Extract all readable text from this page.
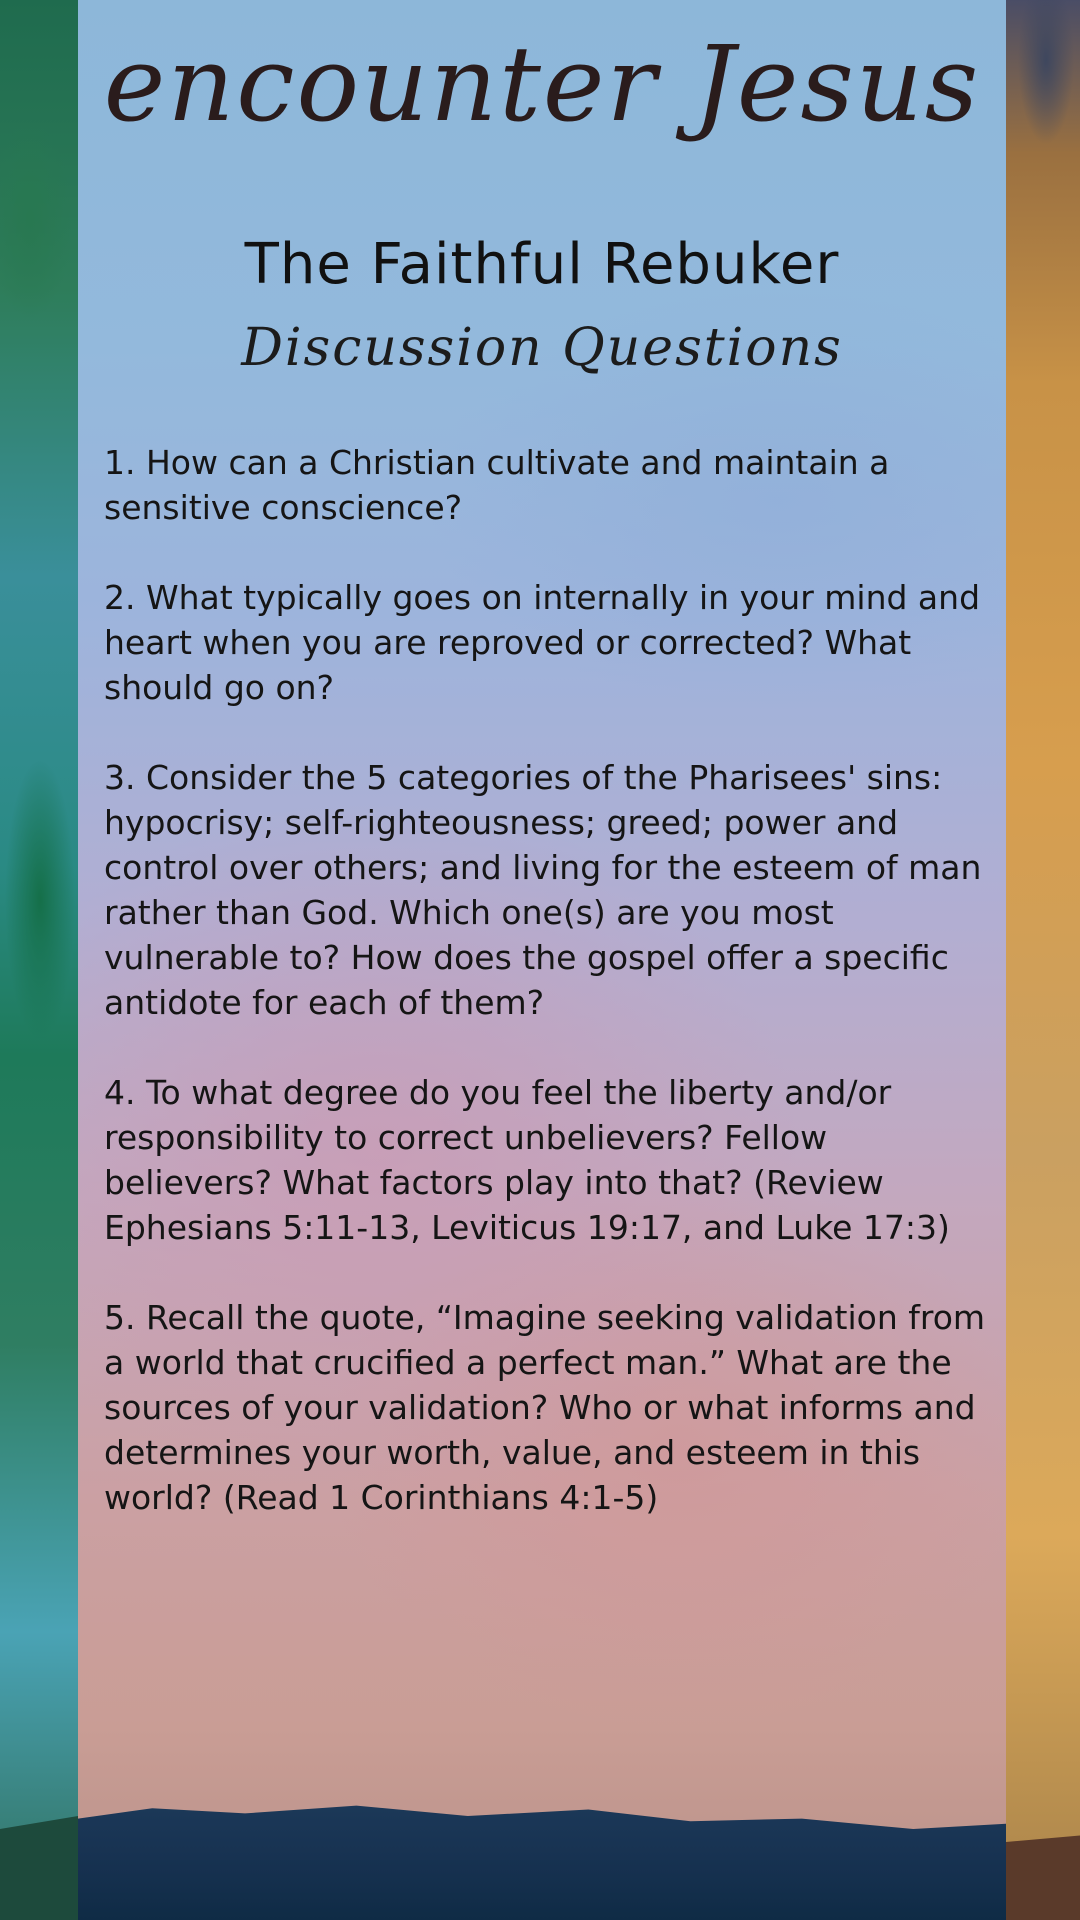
encounter Jesus
The Faithful Rebuker
Discussion Questions
1. How can a Christian cultivate and maintain a sensitive conscience?
2. What typically goes on internally in your mind and heart when you are reproved or corrected? What should go on?
3. Consider the 5 categories of the Pharisees' sins: hypocrisy; self-righteousness; greed; power and control over others; and living for the esteem of man rather than God. Which one(s) are you most vulnerable to? How does the gospel offer a specific antidote for each of them?
4. To what degree do you feel the liberty and/or responsibility to correct unbelievers? Fellow believers? What factors play into that? (Review Ephesians 5:11-13, Leviticus 19:17, and Luke 17:3)
5. Recall the quote, “Imagine seeking validation from a world that crucified a perfect man.” What are the sources of your validation? Who or what informs and determines your worth, value, and esteem in this world? (Read 1 Corinthians 4:1-5)
